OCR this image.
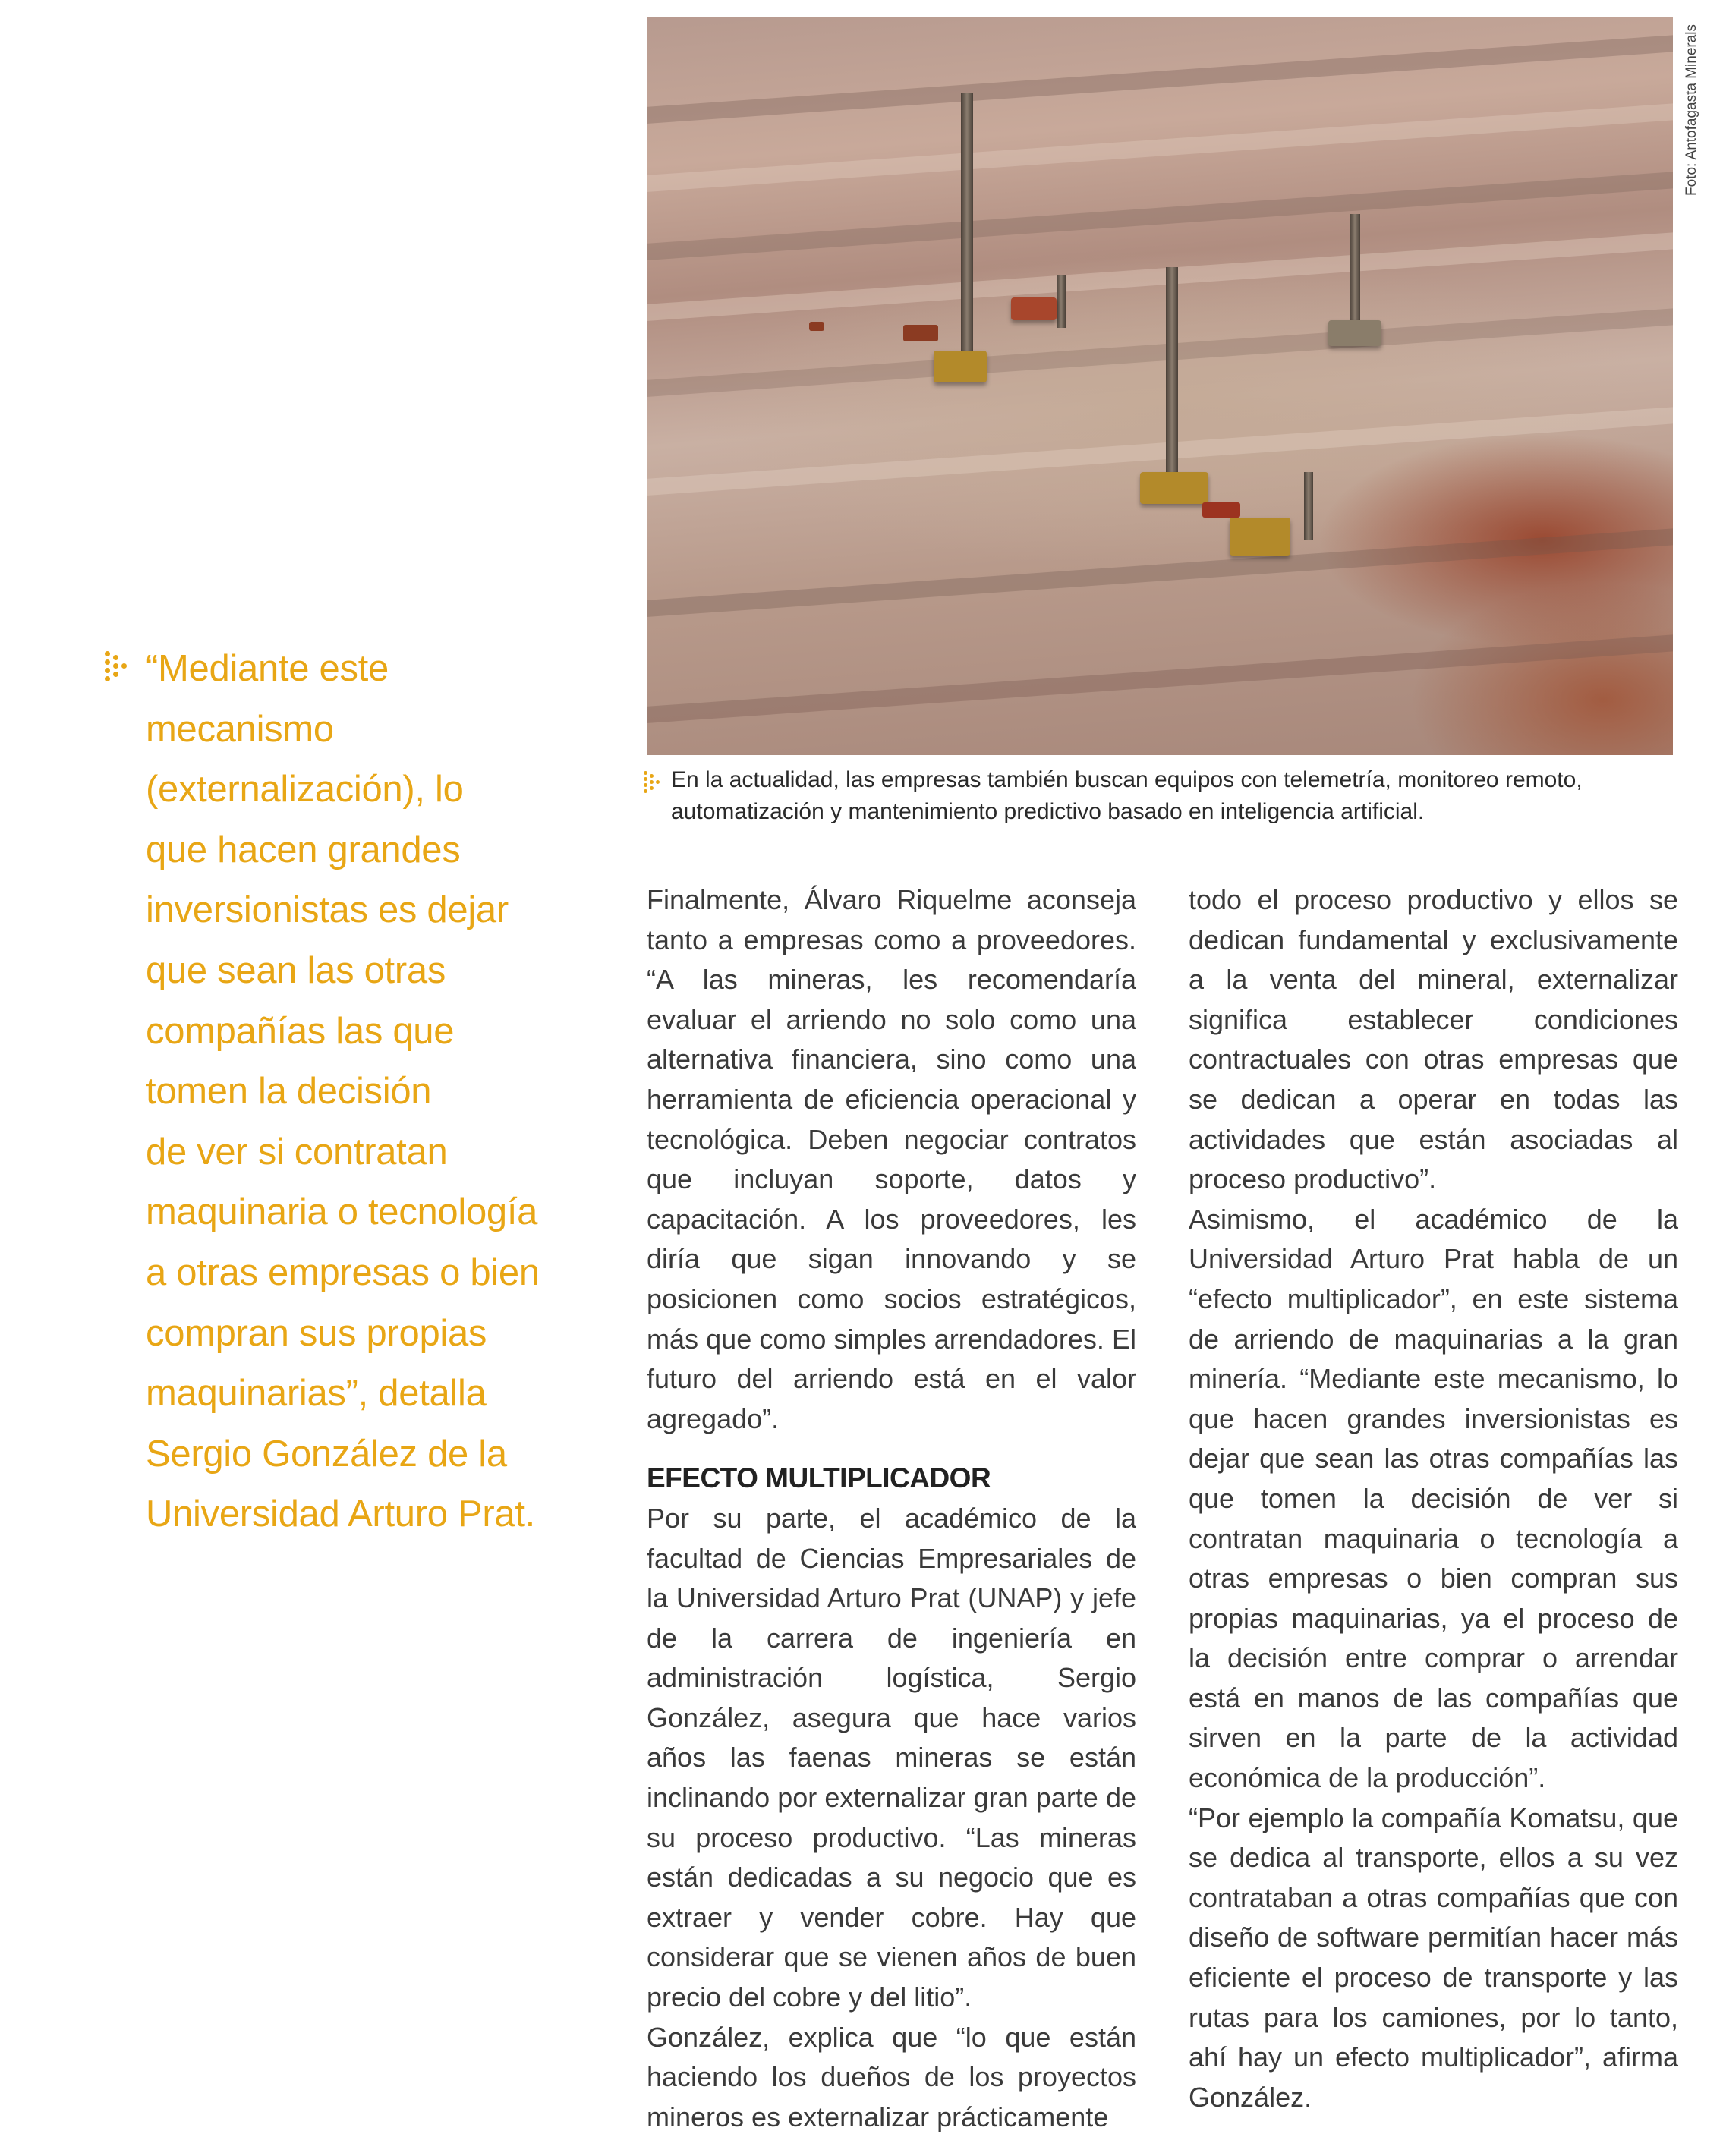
Foto: Antofagasta Minerals
En la actualidad, las empresas también buscan equipos con telemetría, monitoreo remoto,
automatización y mantenimiento predictivo basado en inteligencia artificial.
“Mediante este
mecanismo
(externalización), lo
que hacen grandes
inversionistas es dejar
que sean las otras
compañías las que
tomen la decisión
de ver si contratan
maquinaria o tecnología
a otras empresas o bien
compran sus propias
maquinarias”, detalla
Sergio González de la
Universidad Arturo Prat.

Finalmente, Álvaro Riquelme aconseja tanto a empresas como a proveedores. “A las mineras, les recomendaría evaluar el arriendo no solo como una alternativa financiera, sino como una herramienta de eficiencia operacional y tecnológica. Deben negociar contratos que incluyan soporte, datos y capacitación. A los proveedores, les diría que sigan innovando y se posicionen como socios estratégicos, más que como simples arrendadores. El futuro del arriendo está en el valor agregado”.

EFECTO MULTIPLICADOR

Por su parte, el académico de la facultad de Ciencias Empresariales de la Universidad Arturo Prat (UNAP) y jefe de la carrera de ingeniería en administración logística, Sergio González, asegura que hace varios años las faenas mineras se están inclinando por externalizar gran parte de su proceso productivo. “Las mineras están dedicadas a su negocio que es extraer y vender cobre. Hay que considerar que se vienen años de buen precio del cobre y del litio”.

González, explica que “lo que están haciendo los dueños de los proyectos mineros es externalizar prácticamente

todo el proceso productivo y ellos se dedican fundamental y exclusivamente a la venta del mineral, externalizar significa establecer condiciones contractuales con otras empresas que se dedican a operar en todas las actividades que están asociadas al proceso productivo”.

Asimismo, el académico de la Universidad Arturo Prat habla de un “efecto multiplicador”, en este sistema de arriendo de maquinarias a la gran minería. “Mediante este mecanismo, lo que hacen grandes inversionistas es dejar que sean las otras compañías las que tomen la decisión de ver si contratan maquinaria o tecnología a otras empresas o bien compran sus propias maquinarias, ya el proceso de la decisión entre comprar o arrendar está en manos de las compañías que sirven en la parte de la actividad económica de la producción”.

“Por ejemplo la compañía Komatsu, que se dedica al transporte, ellos a su vez contrataban a otras compañías que con diseño de software permitían hacer más eficiente el proceso de transporte y las rutas para los camiones, por lo tanto, ahí hay un efecto multiplicador”, afirma González.
